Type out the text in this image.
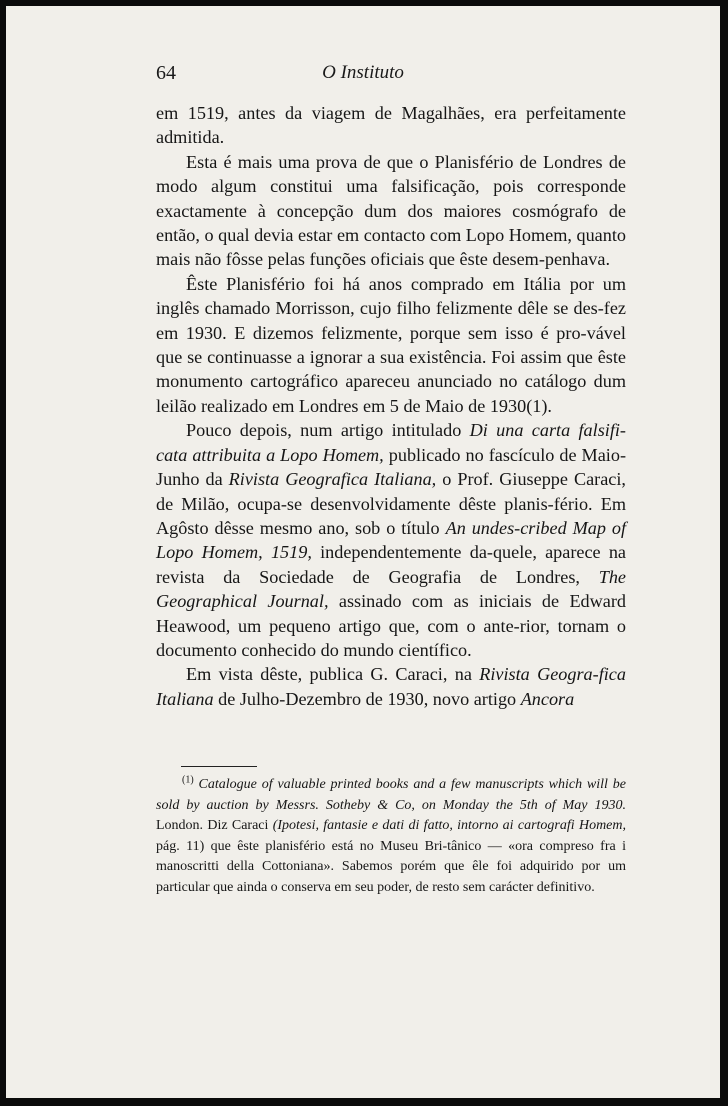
O Instituto
64

em 1519, antes da viagem de Magalhães, era perfeitamente admitida.

Esta é mais uma prova de que o Planisfério de Londres de modo algum constitui uma falsificação, pois corresponde exactamente à concepção dum dos maiores cosmógrafo de então, o qual devia estar em contacto com Lopo Homem, quanto mais não fôsse pelas funções oficiais que êste desem-penhava.

Êste Planisfério foi há anos comprado em Itália por um inglês chamado Morrisson, cujo filho felizmente dêle se des-fez em 1930. E dizemos felizmente, porque sem isso é pro-vável que se continuasse a ignorar a sua existência. Foi assim que êste monumento cartográfico apareceu anunciado no catálogo dum leilão realizado em Londres em 5 de Maio de 1930(1).

Pouco depois, num artigo intitulado Di una carta falsifi-cata attribuita a Lopo Homem, publicado no fascículo de Maio-Junho da Rivista Geografica Italiana, o Prof. Giuseppe Caraci, de Milão, ocupa-se desenvolvidamente dêste planis-fério. Em Agôsto dêsse mesmo ano, sob o título An undes-cribed Map of Lopo Homem, 1519, independentemente da-quele, aparece na revista da Sociedade de Geografia de Londres, The Geographical Journal, assinado com as iniciais de Edward Heawood, um pequeno artigo que, com o ante-rior, tornam o documento conhecido do mundo científico.

Em vista dêste, publica G. Caraci, na Rivista Geogra-fica Italiana de Julho-Dezembro de 1930, novo artigo Ancora

$^{(1)}$ Catalogue of valuable printed books and a few manuscripts which will be sold by auction by Messrs. Sotheby & Co, on Monday the 5th of May 1930. London. Diz Caraci (Ipotesi, fantasie e dati di fatto, intorno ai cartografi Homem, pág. 11) que êste planisfério está no Museu Bri-tânico — «ora compreso fra i manoscritti della Cottoniana». Sabemos porém que êle foi adquirido por um particular que ainda o conserva em seu poder, de resto sem carácter definitivo.
